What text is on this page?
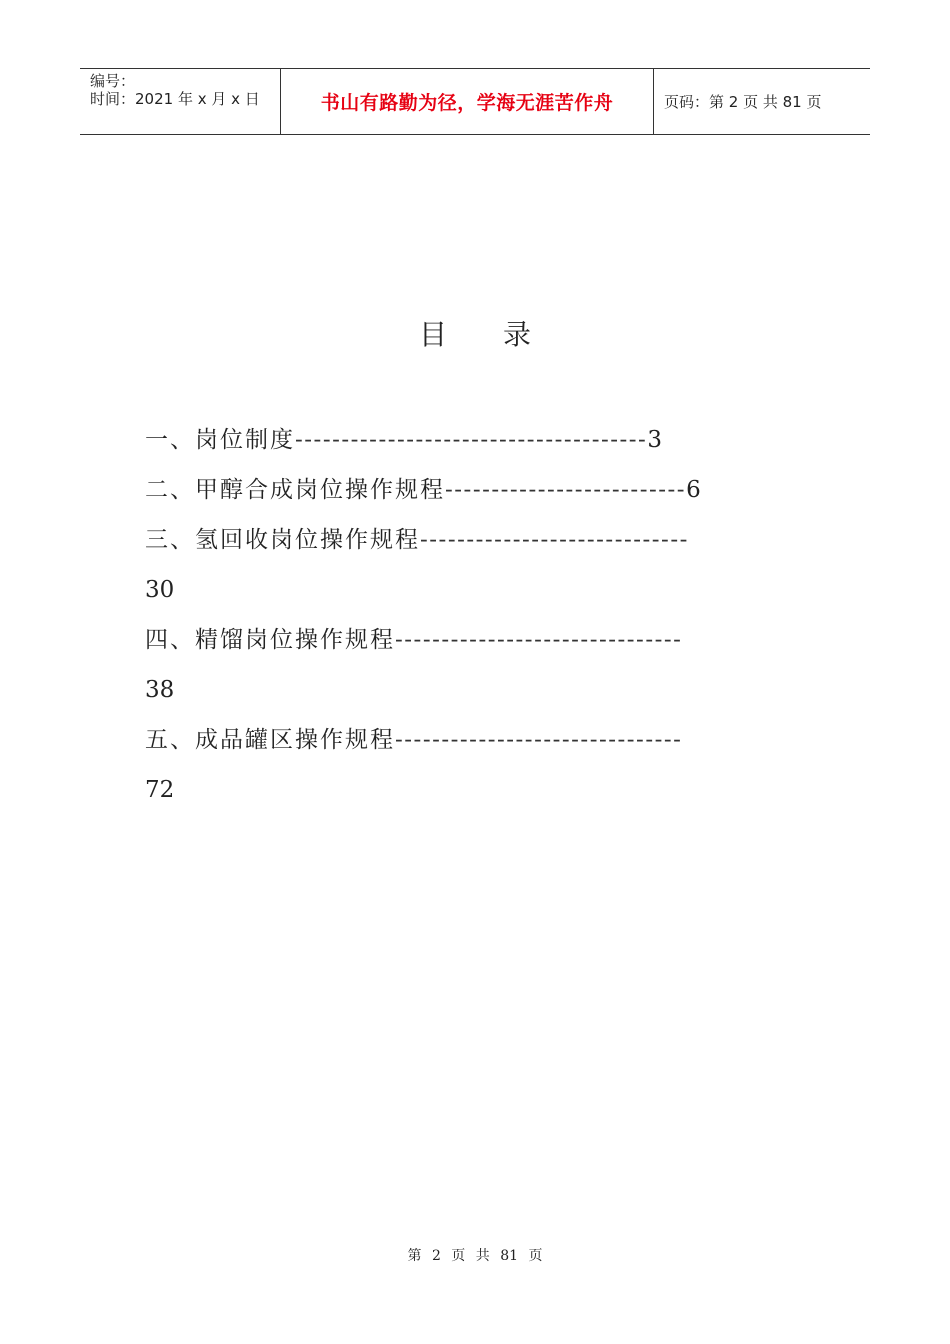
编号：
时间：2021 年 x 月 x 日	书山有路勤为径，学海无涯苦作舟	页码：第 2 页 共 81 页
目 录
一、岗位制度--------------------------------------3
二、甲醇合成岗位操作规程--------------------------6
三、氢回收岗位操作规程-----------------------------
30
四、精馏岗位操作规程-------------------------------
38
五、成品罐区操作规程-------------------------------
72
第 2 页 共 81 页
